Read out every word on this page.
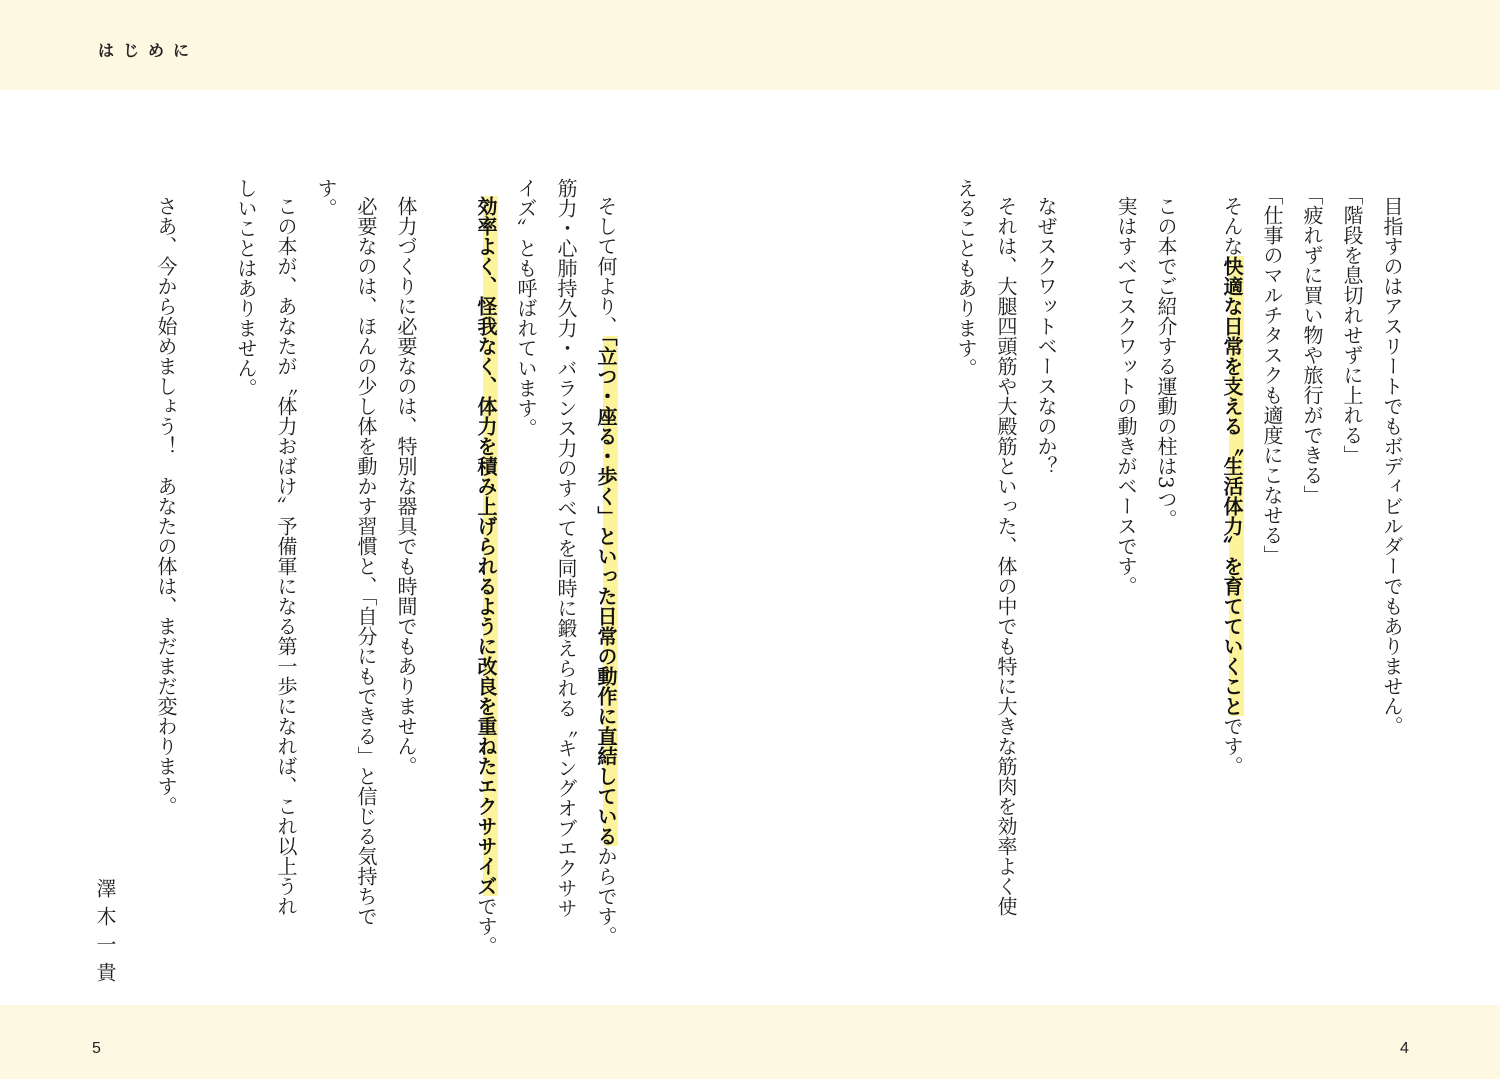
はじめに
目指すのはアスリートでもボディビルダーでもありません。
「階段を息切れせずに上れる」
「疲れずに買い物や旅行ができる」
「仕事のマルチタスクも適度にこなせる」
そんな快適な日常を支える〝生活体力〟を育てていくことです。
この本でご紹介する運動の柱は3つ。
実はすべてスクワットの動きがベースです。
なぜスクワットベースなのか？
それは、大腿四頭筋や大殿筋といった、体の中でも特に大きな筋肉を効率よく使
えることもあります。
そして何より、「立つ・座る・歩く」といった日常の動作に直結しているからです。
筋力・心肺持久力・バランス力のすべてを同時に鍛えられる〝キングオブエクササ
イズ〟とも呼ばれています。
効率よく、怪我なく、体力を積み上げられるように改良を重ねたエクササイズです。
体力づくりに必要なのは、特別な器具でも時間でもありません。
必要なのは、ほんの少し体を動かす習慣と、「自分にもできる」と信じる気持ちで
す。
この本が、あなたが〝体力おばけ〟予備軍になる第一歩になれば、これ以上うれ
しいことはありません。
さあ、今から始めましょう！　あなたの体は、まだまだ変わります。
澤木一貴
5	4
